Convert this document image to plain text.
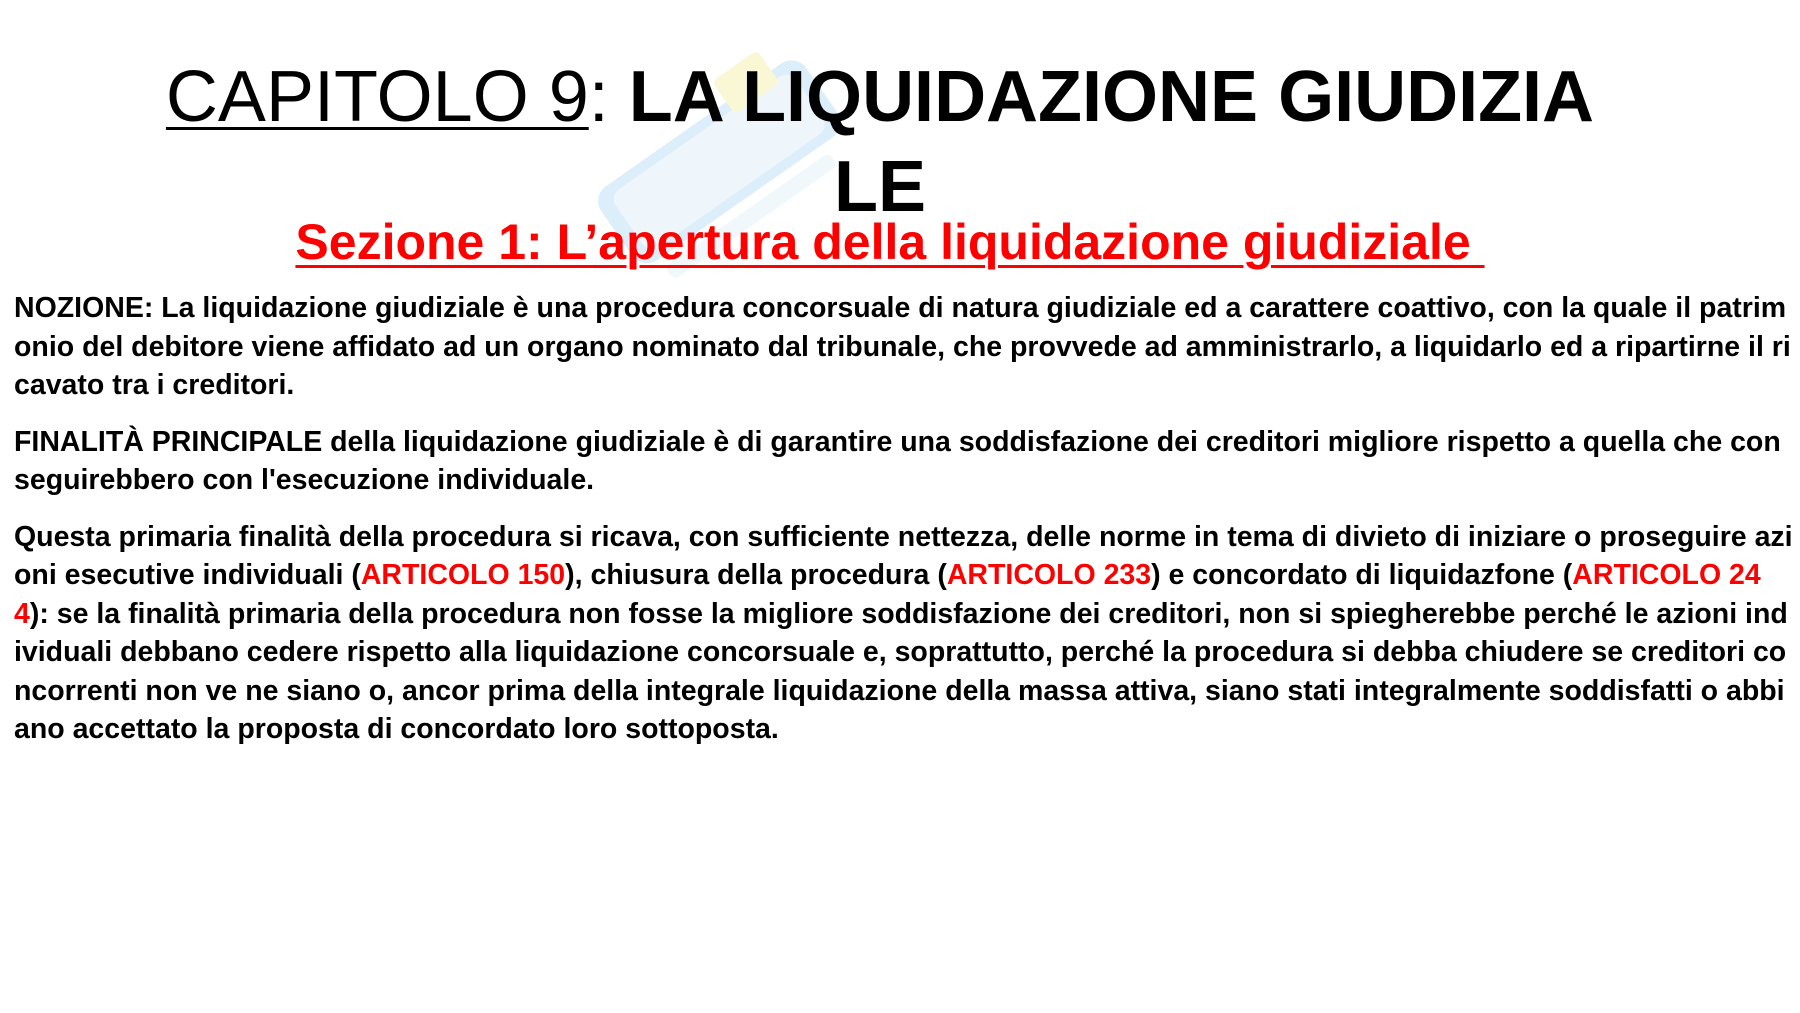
CAPITOLO 9: LA LIQUIDAZIONE GIUDIZIA
LE
Sezione 1: L’apertura della liquidazione giudiziale

NOZIONE: La liquidazione giudiziale è una procedura concorsuale di natura giudiziale ed a carattere coattivo, con la quale il patrimonio del debitore viene affidato ad un organo nominato dal tribunale, che provvede ad amministrarlo, a liquidarlo ed a ripartirne il ricavato tra i creditori.

FINALITÀ PRINCIPALE della liquidazione giudiziale è di garantire una soddisfazione dei creditori migliore rispetto a quella che conseguirebbero con l'esecuzione individuale.

Questa primaria finalità della procedura si ricava, con sufficiente nettezza, delle norme in tema di divieto di iniziare o proseguire azioni esecutive individuali (ARTICOLO 150), chiusura della procedura (ARTICOLO 233) e concordato di liquidazfone (ARTICOLO 244): se la finalità primaria della procedura non fosse la migliore soddisfazione dei creditori, non si spiegherebbe perché le azioni individuali debbano cedere rispetto alla liquidazione concorsuale e, soprattutto, perché la procedura si debba chiudere se creditori concorrenti non ve ne siano o, ancor prima della integrale liquidazione della massa attiva, siano stati integralmente soddisfatti o abbiano accettato la proposta di concordato loro sottoposta.
